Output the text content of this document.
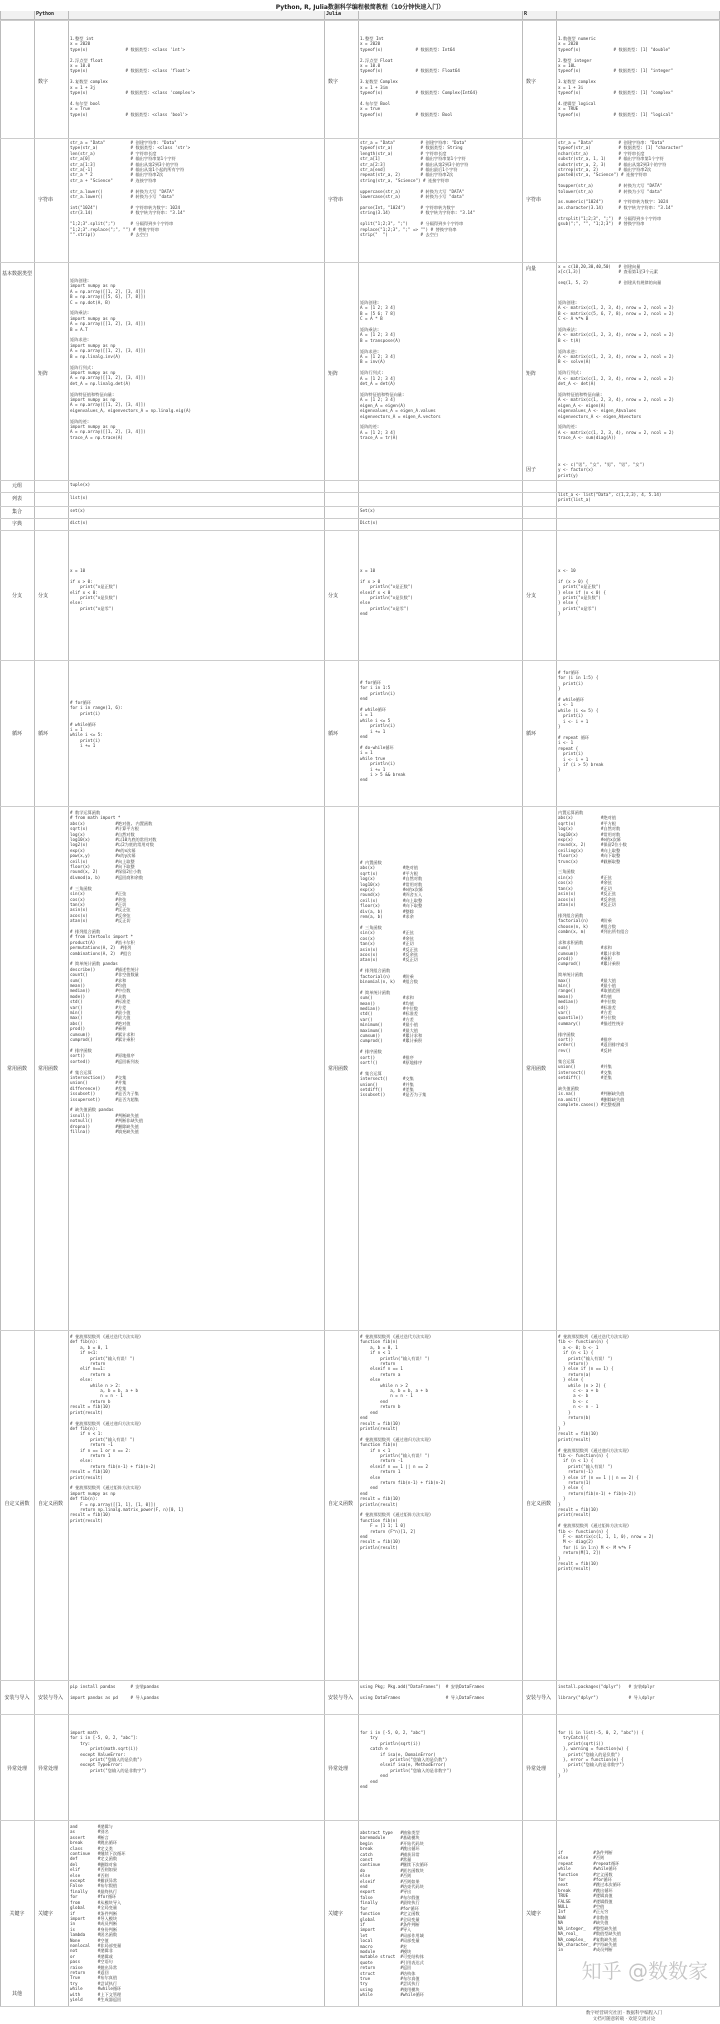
Python, R, Julia数据科学编程极简教程（10分钟快速入门）
Python	Julia	R
基本数据类型
元组
列表
集合
字典
分支
循环
常用函数
自定义函数
安装与导入
异常处理
关键字
其他
数字
字符串
矩阵
分支
循环
常用函数
自定义函数
安装与导入
异常处理
关键字
数字
字符串
矩阵
分支
循环
常用函数
自定义函数
安装与导入
异常处理
关键字
数字
字符串
向量
矩阵
因子
分支
循环
常用函数
自定义函数
安装与导入
异常处理
关键字
1.整型 int
x = 2020
type(x)               # 数据类型: <class 'int'>

2.浮点型 float
x = 10.0
type(x)               # 数据类型: <class 'float'>

3.复数型 complex
x = 1 + 3j
type(x)               # 数据类型: <class 'complex'>

4.布尔型 bool
x = True
type(x)               # 数据类型: <class 'bool'>
str_a = "Data"          # 创建字符串: "Data"
type(str_a)             # 数据类型: <class 'str'>
len(str_a)              # 字符串长度
str_a[0]                # 输出字符串第1个字符
str_a[1:3]              # 输出从第2到3个的字符
str_a[-1]               # 输出从第1个起的所有字符
str_a * 2               # 输出字符串2次
str_a + "Science"       # 连接字符串

str_a.lower()           # 转换为大写 "DATA"
str_a.lower()           # 转换为小写 "data"

int("1024")             # 字符串转为数字: 1024
str(3.14)               # 数字转为字符串: "3.14"

"1;2;3".split(";")      # 分隔得到多个字符串
"1;2;3".replace(";", "") # 替换字符串
"".strip()              # 去空白
矩阵创建:
import numpy as np
A = np.array([[1, 2], [3, 4]])
B = np.array([[5, 6], [7, 8]])
C = np.dot(A, B)

矩阵乘法:
import numpy as np
A = np.array([[1, 2], [3, 4]])
B = A.T

矩阵求逆:
import numpy as np
A = np.array([[1, 2], [3, 4]])
B = np.linalg.inv(A)

矩阵行列式:
import numpy as np
A = np.array([[1, 2], [3, 4]])
det_A = np.linalg.det(A)

矩阵特征值和特征向量:
import numpy as np
A = np.array([[1, 2], [3, 4]])
eigenvalues_A, eigenvectors_A = np.linalg.eig(A)

矩阵的迹:
import numpy as np
A = np.array([[1, 2], [3, 4]])
trace_A = np.trace(A)
tuple(x)
list(x)
set(x)
dict(x)
x = 10

if x > 0:
print("x是正数")
elif x < 0:
print("x是负数")
else:
print("x是零")
# for循环
for i in range(1, 6):
print(i)

# while循环
i = 1
while i <= 5:
print(i)
i += 1
# 数学运算函数
# from math import *
abs(x)            #绝对值, 内置函数
sqrt(x)           #计算平方根
log(x)            #自然对数
log10(x)          #以10为底的常用对数
log2(x)           #以2为底的常用对数
exp(x)            #e的x次幂
pow(x,y)          #x的y次幂
ceil(x)           #向上取整
floor(x)          #向下取整
round(x, 2)       #保留2位小数
divmod(a, b)      #返回商和余数

# 三角函数
sin(x)            #正弦
cos(x)            #余弦
tan(x)            #正切
asin(x)           #反正弦
acos(x)           #反余弦
atan(x)           #反正切

# 排列组合函数
# from itertools import *
product(A)        #笛卡尔积
permutations(A, 2)  #排列
combinations(A, 2)  #组合

# 简单统计函数 pandas
describe()        #描述性统计
count()           #非空值数量
sum()             #求和
mean()            #均值
median()          #中位数
mode()            #众数
std()             #标准差
var()             #方差
min()             #最小值
max()             #最大值
abs()             #绝对值
prod()            #乘积
cumsum()          #累计求和
cumprod()         #累计乘积

# 排序函数
sort()            #原地排序
sorted()          #返回新列表

# 集合运算
intersection()    #交集
union()           #并集
difference()      #差集
issubset()        #是否为子集
issuperset()      #是否为超集

# 缺失值函数 pandas
isnull()          #判断缺失值
notnull()         #判断非缺失值
dropna()          #删除缺失值
fillna()          #填充缺失值
# 斐波那契数列 (通过迭代方法实现)
def fib(n):
a, b = 0, 1
if n<1:
print("输入有误! ")
return
elif n==1:
return a
else:
while n > 2:
a, b = b, a + b
n = n - 1
return b
result = fib(10)
print(result)

# 斐波那契数列 (通过递归方法实现)
def fib(n):
if n < 1:
print("输入有误! ")
return -1
if n == 1 or n == 2:
return 1
else:
return fib(n-1) + fib(n-2)
result = fib(10)
print(result)

# 斐波那契数列 (通过矩阵方法实现)
import numpy as np
def fib(n):
F = np.array([[1, 1], [1, 0]])
return np.linalg.matrix_power(F, n)[0, 1]
result = fib(10)
print(result)
pip install pandas      # 安装pandas

import pandas as pd     # 导入pandas
import math
for i in [-5, 0, 2, "abc"]:
try:
print(math.sqrt(i))
except ValueError:
print("您输入的是负数")
except TypeError:
print("您输入的是非数字")
and        #逻辑与
as         #别名
assert     #断言
break      #跳出循环
class      #定义类
continue   #继续下次循环
def        #定义函数
del        #删除对象
elif       #否则如果
else       #否则
except     #捕获异常
False      #布尔假值
finally    #最终执行
for        #for循环
from       #从模块导入
global     #全局变量
if         #条件判断
import     #导入模块
in         #成员判断
is         #身份判断
lambda     #匿名函数
None       #空值
nonlocal   #非局部变量
not        #逻辑非
or         #逻辑或
pass       #空语句
raise      #抛出异常
return     #返回
True       #布尔真值
try        #尝试执行
while      #while循环
with       #上下文管理
yield      #生成器返回
1.整型 Int
x = 2020
typeof(x)             # 数据类型: Int64

2.浮点型 Float
x = 10.0
typeof(x)             # 数据类型: Float64

3.复数型 Complex
x = 1 + 3im
typeof(x)             # 数据类型: Complex{Int64}

4.布尔型 Bool
x = true
typeof(x)             # 数据类型: Bool
str_a = "Data"          # 创建字符串: "Data"
typeof(str_a)           # 数据类型: String
length(str_a)           # 字符串长度
str_a[1]                # 输出字符串第1个字符
str_a[2:3]              # 输出从第2到3个的字符
str_a[end]              # 输出最后1个字符
repeat(str_a, 2)        # 输出字符串2次
string(str_a, "Science") # 连接字符串

uppercase(str_a)        # 转换为大写 "DATA"
lowercase(str_a)        # 转换为小写 "data"

parse(Int, "1024")      # 字符串转为数字
string(3.14)            # 数字转为字符串: "3.14"

split("1;2;3", ";")     # 分隔得到多个字符串
replace("1;2;3", ";" => "") # 替换字符串
strip("  ")             # 去空白
矩阵创建:
A = [1 2; 3 4]
B = [5 6; 7 8]
C = A * B

矩阵乘法:
A = [1 2; 3 4]
B = transpose(A)

矩阵求逆:
A = [1 2; 3 4]
B = inv(A)

矩阵行列式:
A = [1 2; 3 4]
det_A = det(A)

矩阵特征值和特征向量:
A = [1 2; 3 4]
eigen_A = eigen(A)
eigenvalues_A = eigen_A.values
eigenvectors_A = eigen_A.vectors

矩阵的迹:
A = [1 2; 3 4]
trace_A = tr(A)
Set(x)
Dict(x)
x = 10

if x > 0
println("x是正数")
elseif x < 0
println("x是负数")
else
println("x是零")
end
# for循环
for i in 1:5
println(i)
end

# while循环
i = 1
while i <= 5
println(i)
i += 1
end

# do-while循环
i = 1
while true
println(i)
i += 1
i > 5 && break
end
# 内置函数
abs(x)           #绝对值
sqrt(x)          #平方根
log(x)           #自然对数
log10(x)         #常用对数
exp(x)           #e的x次幂
round(x)         #四舍五入
ceil(x)          #向上取整
floor(x)         #向下取整
div(a, b)        #整除
rem(a, b)        #求余

# 三角函数
sin(x)           #正弦
cos(x)           #余弦
tan(x)           #正切
asin(x)          #反正弦
acos(x)          #反余弦
atan(x)          #反正切

# 排列组合函数
factorial(n)     #阶乘
binomial(n, k)   #组合数

# 简单统计函数
sum()            #求和
mean()           #均值
median()         #中位数
std()            #标准差
var()            #方差
minimum()        #最小值
maximum()        #最大值
cumsum()         #累计求和
cumprod()        #累计乘积

# 排序函数
sort()           #排序
sort!()          #原地排序

# 集合运算
intersect()      #交集
union()          #并集
setdiff()        #差集
issubset()       #是否为子集
# 斐波那契数列 (通过迭代方法实现)
function fib(n)
a, b = 0, 1
if n < 1
println("输入有误! ")
return
elseif n == 1
return a
else
while n > 2
a, b = b, a + b
n = n - 1
end
return b
end
end
result = fib(10)
println(result)

# 斐波那契数列 (通过递归方法实现)
function fib(n)
if n < 1
println("输入有误! ")
return -1
elseif n == 1 || n == 2
return 1
else
return fib(n-1) + fib(n-2)
end
end
result = fib(10)
println(result)

# 斐波那契数列 (通过矩阵方法实现)
function fib(n)
F = [1 1; 1 0]
return (F^n)[1, 2]
end
result = fib(10)
println(result)
using Pkg; Pkg.add("DataFrames")  # 安装DataFrames

using DataFrames                  # 导入DataFrames
for i in [-5, 0, 2, "abc"]
try
println(sqrt(i))
catch e
if isa(e, DomainError)
println("您输入的是负数")
elseif isa(e, MethodError)
println("您输入的是非数字")
end
end
end
abstract type   #抽象类型
baremodule      #基础模块
begin           #开始代码块
break           #跳出循环
catch           #捕获异常
const           #常量
continue        #继续下次循环
do              #匿名函数块
else            #否则
elseif          #否则如果
end             #结束代码块
export          #导出
false           #布尔假值
finally         #最终执行
for             #for循环
function        #定义函数
global          #全局变量
if              #条件判断
import          #导入
let             #局部作用域
local           #局部变量
macro           #宏
module          #模块
mutable struct  #可变结构体
quote           #引用表达式
return          #返回
struct          #结构体
true            #布尔真值
try             #尝试执行
using           #使用模块
while           #while循环
1.数值型 numeric
x = 2020
typeof(x)             # 数据类型: [1] "double"

2.整型 integer
x = 10L
typeof(x)             # 数据类型: [1] "integer"

3.复数型 complex
x = 1 + 3i
typeof(x)             # 数据类型: [1] "complex"

4.逻辑型 logical
x = TRUE
typeof(x)             # 数据类型: [1] "logical"
str_a = "Data"          # 创建字符串: "Data"
typeof(str_a)           # 数据类型: [1] "character"
nchar(str_a)            # 字符串长度
substr(str_a, 1, 1)     # 输出字符串第1个字符
substr(str_a, 2, 3)     # 输出从第2到3个的字符
strrep(str_a, 2)        # 输出字符串2次
paste0(str_a, "Science") # 连接字符串

toupper(str_a)          # 转换为大写 "DATA"
tolower(str_a)          # 转换为小写 "data"

as.numeric("1024")      # 字符串转为数字: 1024
as.character(3.14)      # 数字转为字符串: "3.14"

strsplit("1;2;3", ";")  # 分隔得到多个字符串
gsub(";", "", "1;2;3")  # 替换字符串
x = c(10,20,30,40,50)   # 创建向量
x[c(1,3)]               # 查看第1至3个元素

seq(1, 5, 2)            # 创建具有规律的向量
矩阵创建:
A <- matrix(c(1, 2, 3, 4), nrow = 2, ncol = 2)
B <- matrix(c(5, 6, 7, 8), nrow = 2, ncol = 2)
C <- A %*% B

矩阵乘法:
A <- matrix(c(1, 2, 3, 4), nrow = 2, ncol = 2)
B <- t(A)

矩阵求逆:
A <- matrix(c(1, 2, 3, 4), nrow = 2, ncol = 2)
B <- solve(A)

矩阵行列式:
A <- matrix(c(1, 2, 3, 4), nrow = 2, ncol = 2)
det_A <- det(A)

矩阵特征值和特征向量:
A <- matrix(c(1, 2, 3, 4), nrow = 2, ncol = 2)
eigen_A <- eigen(A)
eigenvalues_A <- eigen_A$values
eigenvectors_A <- eigen_A$vectors

矩阵的迹:
A <- matrix(c(1, 2, 3, 4), nrow = 2, ncol = 2)
trace_A <- sum(diag(A))
x <- c("男", "女", "男", "男", "女")
y <- factor(x)
print(y)
list_a <- list("Data", c(1,2,3), 4, 5.14)
print(list_a)
x <- 10

if (x > 0) {
print("x是正数")
} else if (x < 0) {
print("x是负数")
} else {
print("x是零")
}
# for循环
for (i in 1:5) {
print(i)
}

# while循环
i <- 1
while (i <= 5) {
print(i)
i <- i + 1
}

# repeat 循环
i <- 1
repeat {
print(i)
i <- i + 1
if (i > 5) break
}
内置运算函数
abs(x)           #绝对值
sqrt(x)          #平方根
log(x)           #自然对数
log10(x)         #常用对数
exp(x)           #e的x次幂
round(x, 2)      #保留2位小数
ceiling(x)       #向上取整
floor(x)         #向下取整
trunc(x)         #截断取整

三角函数
sin(x)           #正弦
cos(x)           #余弦
tan(x)           #正切
asin(x)          #反正弦
acos(x)          #反余弦
atan(x)          #反正切

排列组合函数
factorial(n)     #阶乘
choose(n, k)     #组合数
combn(x, m)      #列出所有组合

求和求积函数
sum()            #求和
cumsum()         #累计求和
prod()           #乘积
cumprod()        #累计乘积

简单统计函数
max()            #最大值
min()            #最小值
range()          #取值范围
mean()           #均值
median()         #中位数
sd()             #标准差
var()            #方差
quantile()       #分位数
summary()        #描述性统计

排序函数
sort()           #排序
order()          #返回排序索引
rev()            #反转

集合运算
union()          #并集
intersect()      #交集
setdiff()        #差集

缺失值函数
is.na()          #判断缺失值
na.omit()        #删除缺失值
complete.cases() #完整观测
# 斐波那契数列 (通过迭代方法实现)
fib <- function(n) {
a <- 0; b <- 1
if (n < 1) {
print("输入有误! ")
return()
} else if (n == 1) {
return(a)
} else {
while (n > 2) {
c <- a + b
a <- b
b <- c
n <- n - 1
}
return(b)
}
}
result = fib(10)
print(result)

# 斐波那契数列 (通过递归方法实现)
fib <- function(n) {
if (n < 1) {
print("输入有误! ")
return(-1)
} else if (n == 1 || n == 2) {
return(1)
} else {
return(fib(n-1) + fib(n-2))
}
}
result = fib(10)
print(result)

# 斐波那契数列 (通过矩阵方法实现)
fib <- function(n) {
F <- matrix(c(1, 1, 1, 0), nrow = 2)
M <- diag(2)
for (i in 1:n) M <- M %*% F
return(M[1, 2])
}
result = fib(10)
print(result)
install.packages("dplyr")   # 安装dplyr

library("dplyr")            # 导入dplyr
for (i in list(-5, 0, 2, "abc")) {
tryCatch({
print(sqrt(i))
}, warning = function(w) {
print("您输入的是负数")
}, error = function(e) {
print("您输入的是非数字")
})
}
if            #条件判断
else          #否则
repeat        #repeat循环
while         #while循环
function      #定义函数
for           #for循环
next          #跳过本次循环
break         #跳出循环
TRUE          #逻辑真值
FALSE         #逻辑假值
NULL          #空值
Inf           #正无穷
NaN           #非数值
NA            #缺失值
NA_integer_   #整型缺失值
NA_real_      #数值型缺失值
NA_complex_   #复数缺失值
NA_character_ #字符缺失值
in            #成员判断
知乎 @数数家
数字经营研究社团 · 数据科学编程入门
文档可随意转载 · 欢迎交流讨论
